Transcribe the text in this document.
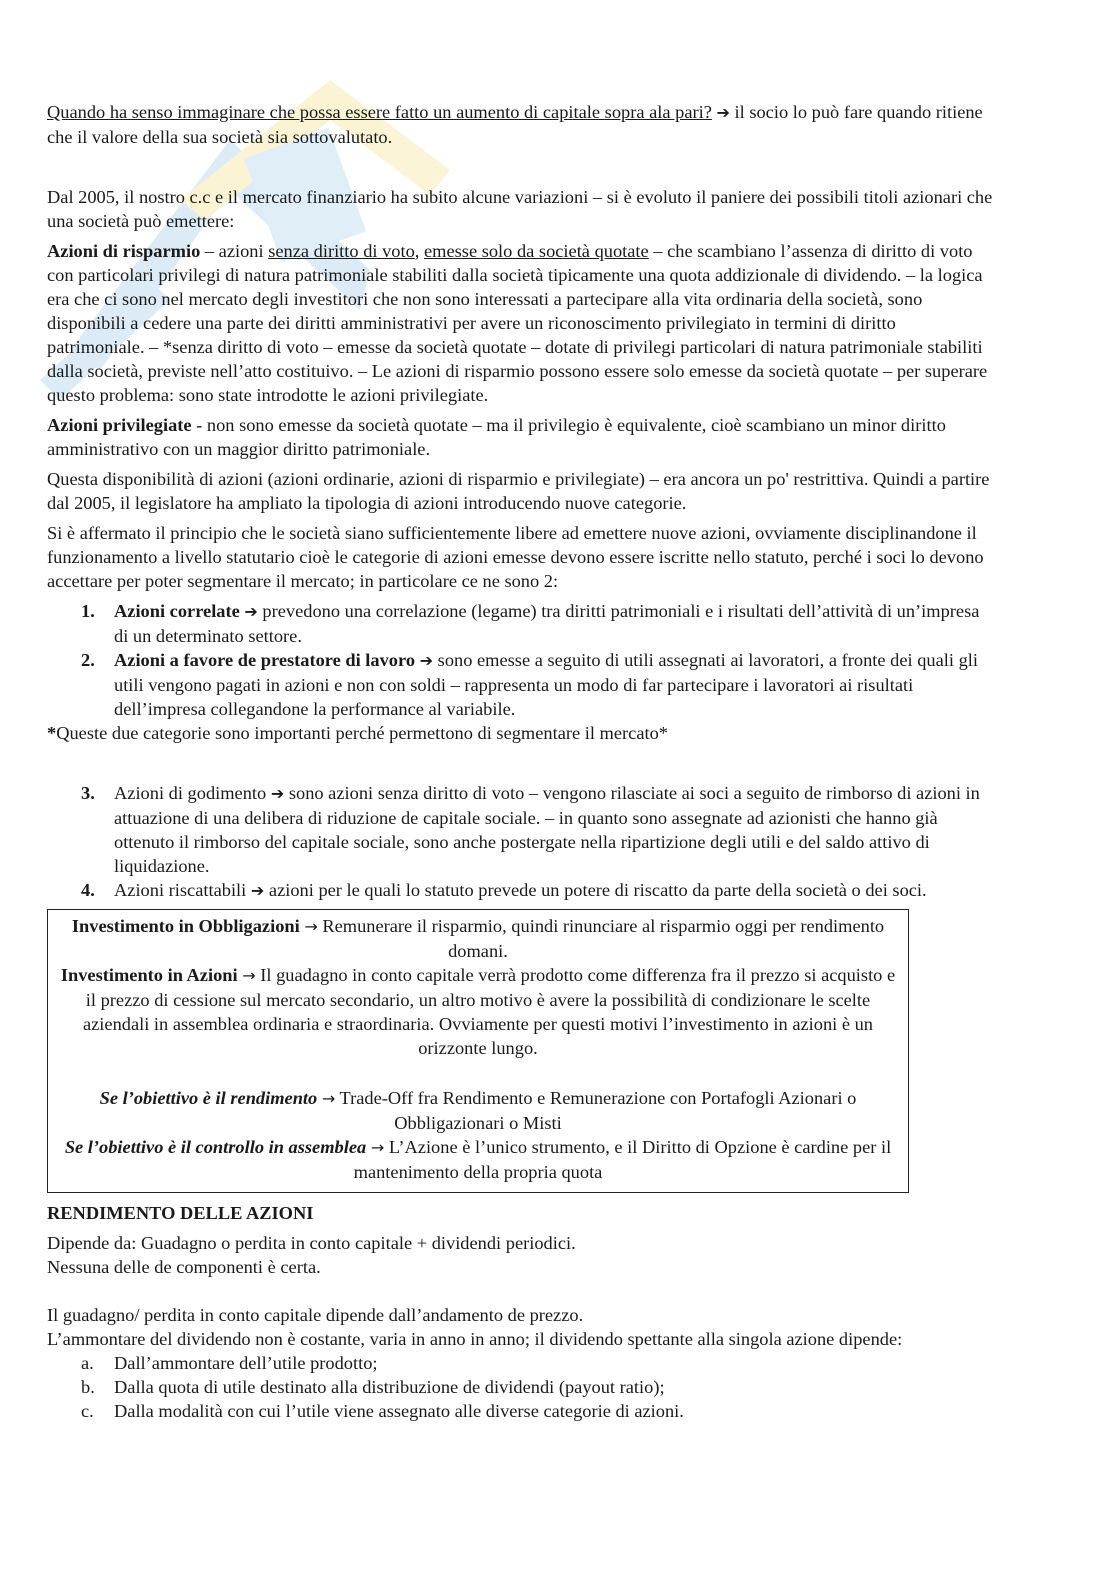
Quando ha senso immaginare che possa essere fatto un aumento di capitale sopra ala pari? ➔ il socio lo può fare quando ritiene che il valore della sua società sia sottovalutato.

Dal 2005, il nostro c.c e il mercato finanziario ha subito alcune variazioni – si è evoluto il paniere dei possibili titoli azionari che una società può emettere:

Azioni di risparmio – azioni senza diritto di voto, emesse solo da società quotate – che scambiano l’assenza di diritto di voto con particolari privilegi di natura patrimoniale stabiliti dalla società tipicamente una quota addizionale di dividendo. – la logica era che ci sono nel mercato degli investitori che non sono interessati a partecipare alla vita ordinaria della società, sono disponibili a cedere una parte dei diritti amministrativi per avere un riconoscimento privilegiato in termini di diritto patrimoniale. – *senza diritto di voto – emesse da società quotate – dotate di privilegi particolari di natura patrimoniale stabiliti dalla società, previste nell’atto costituivo. – Le azioni di risparmio possono essere solo emesse da società quotate – per superare questo problema: sono state introdotte le azioni privilegiate.

Azioni privilegiate - non sono emesse da società quotate – ma il privilegio è equivalente, cioè scambiano un minor diritto amministrativo con un maggior diritto patrimoniale.

Questa disponibilità di azioni (azioni ordinarie, azioni di risparmio e privilegiate) – era ancora un po' restrittiva. Quindi a partire dal 2005, il legislatore ha ampliato la tipologia di azioni introducendo nuove categorie.

Si è affermato il principio che le società siano sufficientemente libere ad emettere nuove azioni, ovviamente disciplinandone il funzionamento a livello statutario cioè le categorie di azioni emesse devono essere iscritte nello statuto, perché i soci lo devono accettare per poter segmentare il mercato; in particolare ce ne sono 2:

1.	Azioni correlate ➔ prevedono una correlazione (legame) tra diritti patrimoniali e i risultati dell’attività di un’impresa di un determinato settore.
2.	Azioni a favore de prestatore di lavoro ➔ sono emesse a seguito di utili assegnati ai lavoratori, a fronte dei quali gli utili vengono pagati in azioni e non con soldi – rappresenta un modo di far partecipare i lavoratori ai risultati dell’impresa collegandone la performance al variabile.

*Queste due categorie sono importanti perché permettono di segmentare il mercato*

3.	Azioni di godimento ➔ sono azioni senza diritto di voto – vengono rilasciate ai soci a seguito de rimborso di azioni in attuazione di una delibera di riduzione de capitale sociale. – in quanto sono assegnate ad azionisti che hanno già ottenuto il rimborso del capitale sociale, sono anche postergate nella ripartizione degli utili e del saldo attivo di liquidazione.
4.	Azioni riscattabili ➔ azioni per le quali lo statuto prevede un potere di riscatto da parte della società o dei soci.

Investimento in Obbligazioni → Remunerare il risparmio, quindi rinunciare al risparmio oggi per rendimento domani.

Investimento in Azioni → Il guadagno in conto capitale verrà prodotto come differenza fra il prezzo si acquisto e il prezzo di cessione sul mercato secondario, un altro motivo è avere la possibilità di condizionare le scelte aziendali in assemblea ordinaria e straordinaria. Ovviamente per questi motivi l’investimento in azioni è un orizzonte lungo.

Se l’obiettivo è il rendimento → Trade-Off fra Rendimento e Remunerazione con Portafogli Azionari o Obbligazionari o Misti

Se l’obiettivo è il controllo in assemblea → L’Azione è l’unico strumento, e il Diritto di Opzione è cardine per il mantenimento della propria quota

RENDIMENTO DELLE AZIONI

Dipende da: Guadagno o perdita in conto capitale + dividendi periodici.

Nessuna delle de componenti è certa.

Il guadagno/ perdita in conto capitale dipende dall’andamento de prezzo.

L’ammontare del dividendo non è costante, varia in anno in anno; il dividendo spettante alla singola azione dipende:

a.	Dall’ammontare dell’utile prodotto;
b.	Dalla quota di utile destinato alla distribuzione de dividendi (payout ratio);
c.	Dalla modalità con cui l’utile viene assegnato alle diverse categorie di azioni.
